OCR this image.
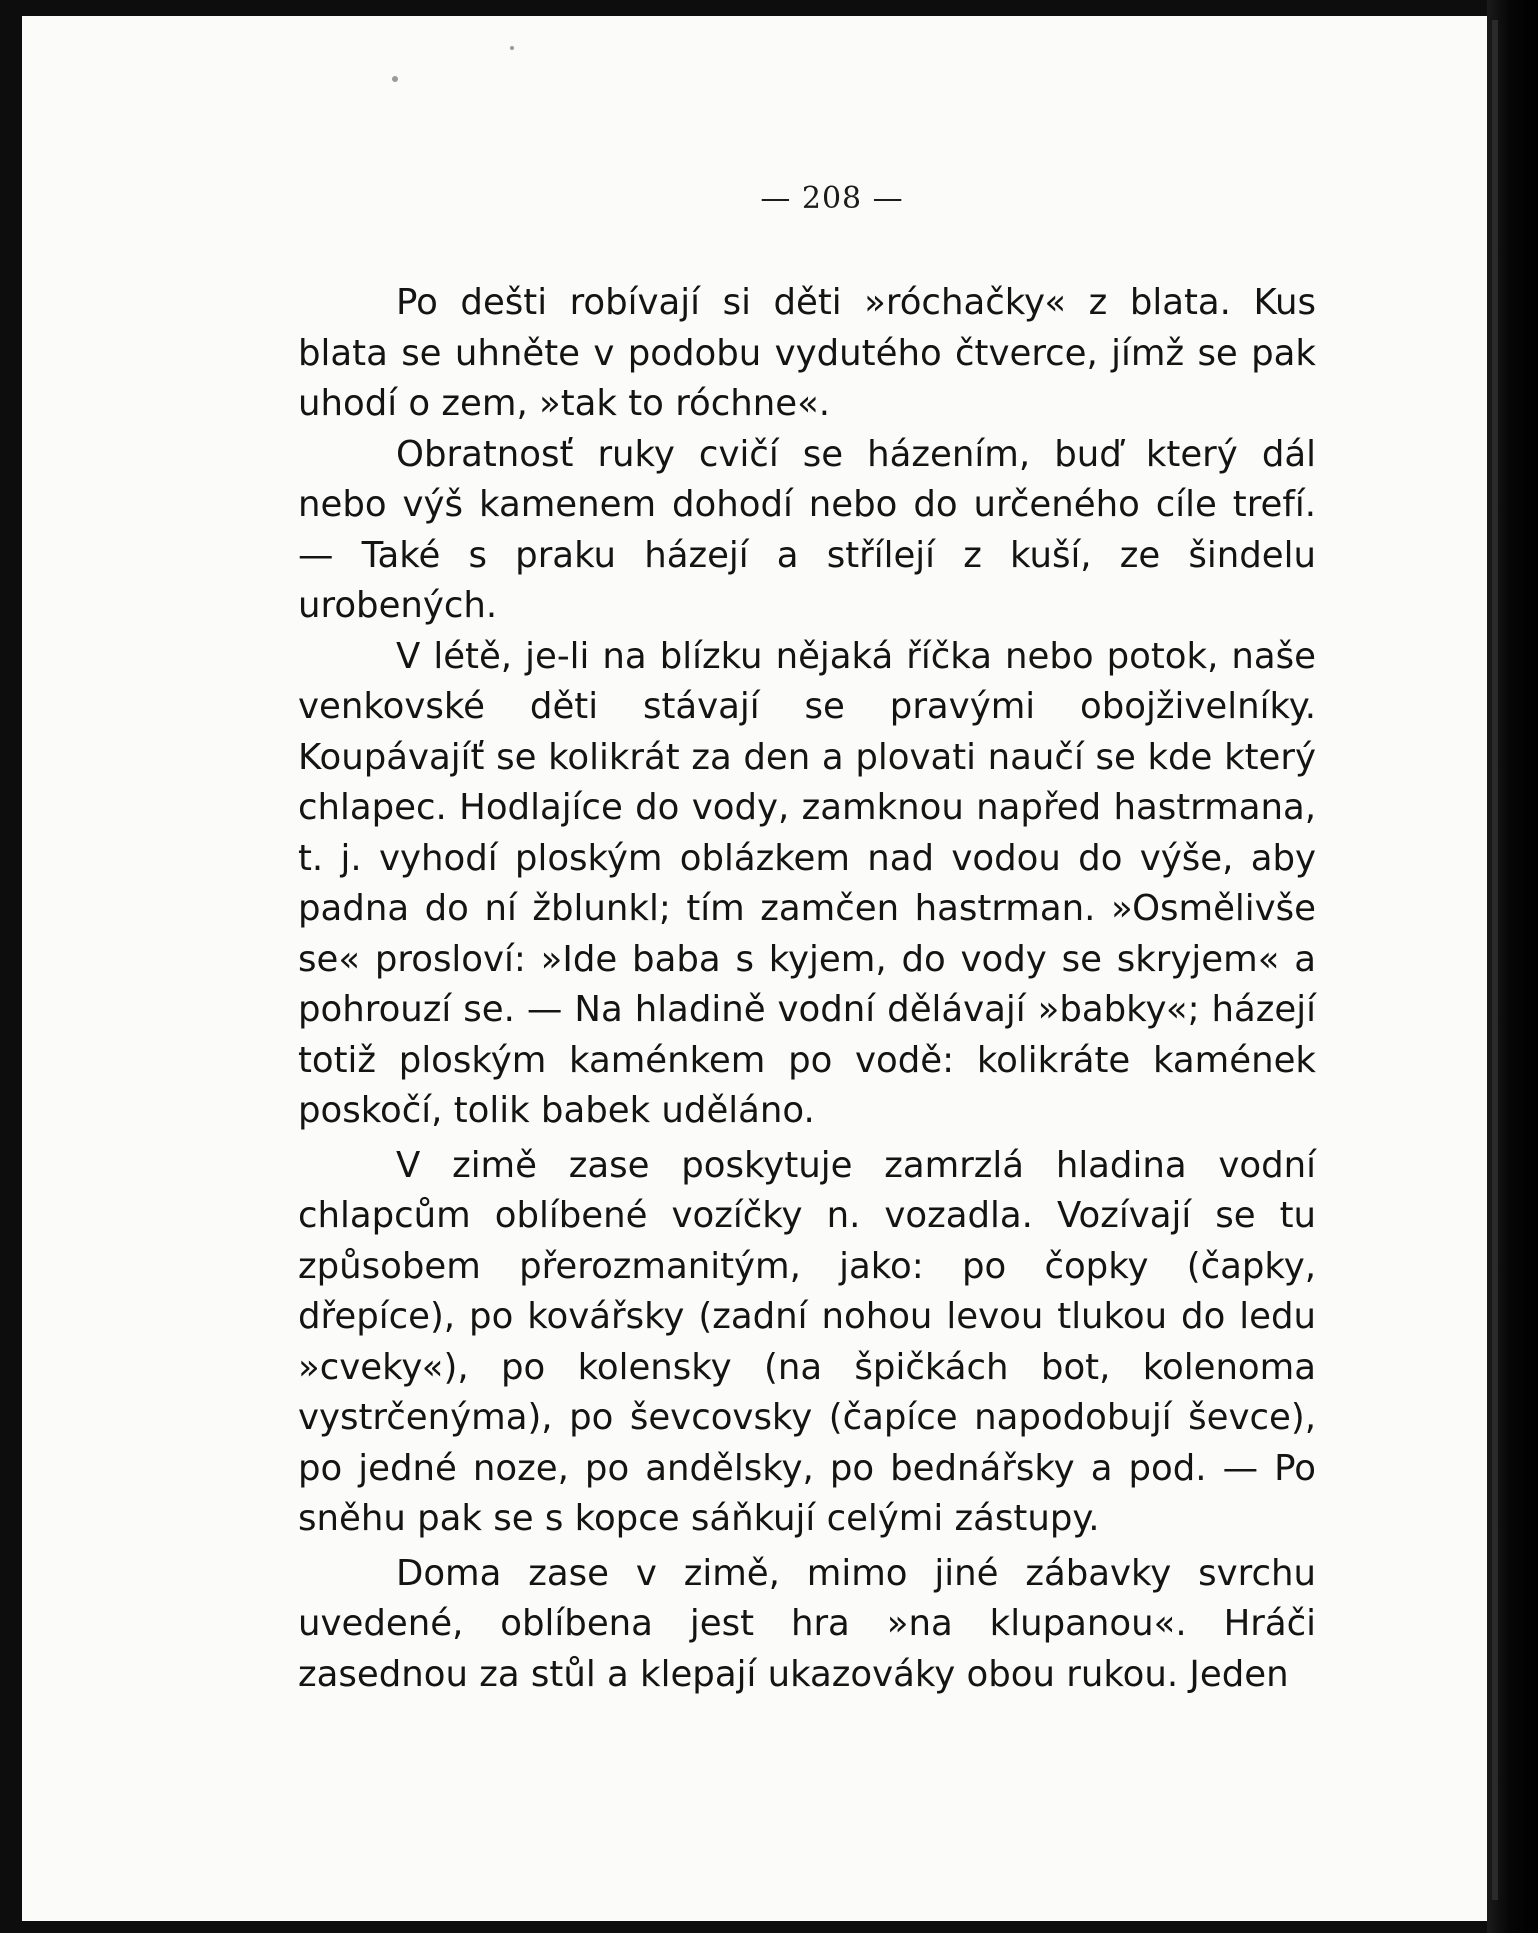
— 208 —

Po dešti robívají si děti »róchačky« z blata. Kus blata se uhněte v podobu vydutého čtverce, jímž se pak uhodí o zem, »tak to róchne«.

Obratnosť ruky cvičí se házením, buď který dál nebo výš kamenem dohodí nebo do určeného cíle trefí. — Také s praku házejí a střílejí z kuší, ze šindelu urobených.

V létě, je-li na blízku nějaká říčka nebo potok, naše venkovské děti stávají se pravými obojživelníky. Koupávajíť se kolikrát za den a plovati naučí se kde který chlapec. Hodlajíce do vody, zamknou napřed hastrmana, t. j. vyhodí ploským oblázkem nad vodou do výše, aby padna do ní žblunkl; tím zamčen hastrman. »Osmělivše se« prosloví: »Ide baba s kyjem, do vody se skryjem« a pohrouzí se. — Na hladině vodní dělávají »babky«; házejí totiž ploským kaménkem po vodě: kolikráte kamének poskočí, tolik babek uděláno.

V zimě zase poskytuje zamrzlá hladina vodní chlapcům oblíbené vozíčky n. vozadla. Vozívají se tu způsobem přerozmanitým, jako: po čopky (čapky, dřepíce), po kovářsky (zadní nohou levou tlukou do ledu »cveky«), po kolensky (na špičkách bot, kolenoma vystrčenýma), po ševcovsky (čapíce napodobují ševce), po jedné noze, po andělsky, po bednářsky a pod. — Po sněhu pak se s kopce sáňkují celými zástupy.

Doma zase v zimě, mimo jiné zábavky svrchu uvedené, oblíbena jest hra »na klupanou«. Hráči zasednou za stůl a klepají ukazováky obou rukou. Jeden
